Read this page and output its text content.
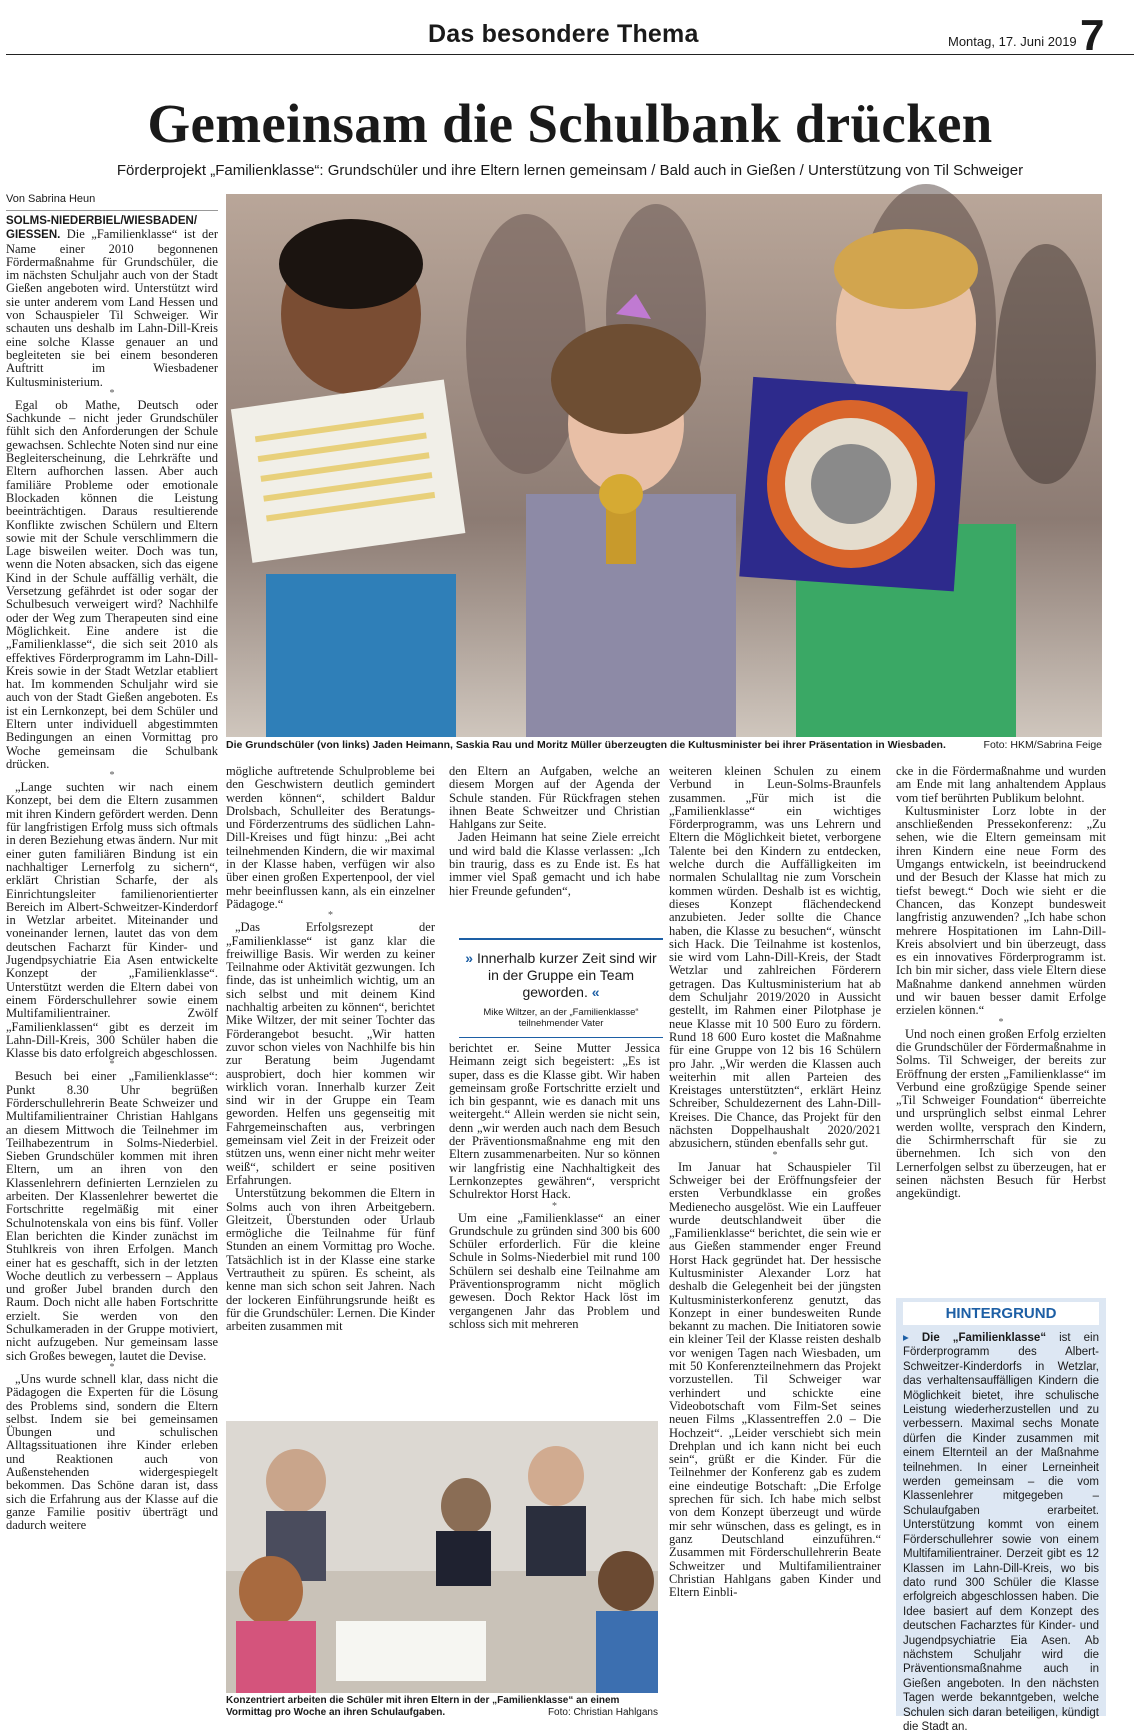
Das besondere Thema	Montag, 17. Juni 2019 7
Gemeinsam die Schulbank drücken
Förderprojekt „Familienklasse“: Grundschüler und ihre Eltern lernen gemeinsam / Bald auch in Gießen / Unterstützung von Til Schweiger
Von Sabrina Heun

SOLMS-NIEDERBIEL/WIESBADEN/ GIESSEN. Die „Familienklasse“ ist der Name einer 2010 begonnenen Fördermaßnahme für Grundschüler, die im nächsten Schuljahr auch von der Stadt Gießen angeboten wird. Unterstützt wird sie unter anderem vom Land Hessen und von Schauspieler Til Schweiger. Wir schauten uns deshalb im Lahn-Dill-Kreis eine solche Klasse genauer an und begleiteten sie bei einem besonderen Auftritt im Wiesbadener Kultusministerium.

*

Egal ob Mathe, Deutsch oder Sachkunde – nicht jeder Grundschüler fühlt sich den Anforderungen der Schule gewachsen. Schlechte Noten sind nur eine Begleiterscheinung, die Lehrkräfte und Eltern aufhorchen lassen. Aber auch familiäre Probleme oder emotionale Blockaden können die Leistung beeinträchtigen. Daraus resultierende Konflikte zwischen Schülern und Eltern sowie mit der Schule verschlimmern die Lage bisweilen weiter. Doch was tun, wenn die Noten absacken, sich das eigene Kind in der Schule auffällig verhält, die Versetzung gefährdet ist oder sogar der Schulbesuch verweigert wird? Nachhilfe oder der Weg zum Therapeuten sind eine Möglichkeit. Eine andere ist die „Familienklasse“, die sich seit 2010 als effektives Förderprogramm im Lahn-Dill-Kreis sowie in der Stadt Wetzlar etabliert hat. Im kommenden Schuljahr wird sie auch von der Stadt Gießen angeboten. Es ist ein Lernkonzept, bei dem Schüler und Eltern unter individuell abgestimmten Bedingungen an einen Vormittag pro Woche gemeinsam die Schulbank drücken.

*

„Lange suchten wir nach einem Konzept, bei dem die Eltern zusammen mit ihren Kindern gefördert werden. Denn für langfristigen Erfolg muss sich oftmals in deren Beziehung etwas ändern. Nur mit einer guten familiären Bindung ist ein nachhaltiger Lernerfolg zu sichern“, erklärt Christian Scharfe, der als Einrichtungsleiter familienorientierter Bereich im Albert-Schweitzer-Kinderdorf in Wetzlar arbeitet. Miteinander und voneinander lernen, lautet das von dem deutschen Facharzt für Kinder- und Jugendpsychiatrie Eia Asen entwickelte Konzept der „Familienklasse“. Unterstützt werden die Eltern dabei von einem Förderschullehrer sowie einem Multifamilientrainer. Zwölf „Familienklassen“ gibt es derzeit im Lahn-Dill-Kreis, 300 Schüler haben die Klasse bis dato erfolgreich abgeschlossen.

*

Besuch bei einer „Familienklasse“: Punkt 8.30 Uhr begrüßen Förderschullehrerin Beate Schweizer und Multifamilientrainer Christian Hahlgans an diesem Mittwoch die Teilnehmer im Teilhabezentrum in Solms-Niederbiel. Sieben Grundschüler kommen mit ihren Eltern, um an ihren von den Klassenlehrern definierten Lernzielen zu arbeiten. Der Klassenlehrer bewertet die Fortschritte regelmäßig mit einer Schulnotenskala von eins bis fünf. Voller Elan berichten die Kinder zunächst im Stuhlkreis von ihren Erfolgen. Manch einer hat es geschafft, sich in der letzten Woche deutlich zu verbessern – Applaus und großer Jubel branden durch den Raum. Doch nicht alle haben Fortschritte erzielt. Sie werden von den Schulkameraden in der Gruppe motiviert, nicht aufzugeben. Nur gemeinsam lasse sich Großes bewegen, lautet die Devise.

*

„Uns wurde schnell klar, dass nicht die Pädagogen die Experten für die Lösung des Problems sind, sondern die Eltern selbst. Indem sie bei gemeinsamen Übungen und schulischen Alltagssituationen ihre Kinder erleben und Reaktionen auch von Außenstehenden widergespiegelt bekommen. Das Schöne daran ist, dass sich die Erfahrung aus der Klasse auf die ganze Familie positiv überträgt und dadurch weitere

Die Grundschüler (von links) Jaden Heimann, Saskia Rau und Moritz Müller überzeugten die Kultusminister bei ihrer Präsentation in Wiesbaden.	Foto: HKM/Sabrina Feige

mögliche auftretende Schulprobleme bei den Geschwistern deutlich gemindert werden können“, schildert Baldur Drolsbach, Schulleiter des Beratungs- und Förderzentrums des südlichen Lahn-Dill-Kreises und fügt hinzu: „Bei acht teilnehmenden Kindern, die wir maximal in der Klasse haben, verfügen wir also über einen großen Expertenpool, der viel mehr beeinflussen kann, als ein einzelner Pädagoge.“

*

„Das Erfolgsrezept der „Familienklasse“ ist ganz klar die freiwillige Basis. Wir werden zu keiner Teilnahme oder Aktivität gezwungen. Ich finde, das ist unheimlich wichtig, um an sich selbst und mit deinem Kind nachhaltig arbeiten zu können“, berichtet Mike Wiltzer, der mit seiner Tochter das Förderangebot besucht. „Wir hatten zuvor schon vieles von Nachhilfe bis hin zur Beratung beim Jugendamt ausprobiert, doch hier kommen wir wirklich voran. Innerhalb kurzer Zeit sind wir in der Gruppe ein Team geworden. Helfen uns gegenseitig mit Fahrgemeinschaften aus, verbringen gemeinsam viel Zeit in der Freizeit oder stützen uns, wenn einer nicht mehr weiter weiß“, schildert er seine positiven Erfahrungen.

Unterstützung bekommen die Eltern in Solms auch von ihren Arbeitgebern. Gleitzeit, Überstunden oder Urlaub ermögliche die Teilnahme für fünf Stunden an einem Vormittag pro Woche. Tatsächlich ist in der Klasse eine starke Vertrautheit zu spüren. Es scheint, als kenne man sich schon seit Jahren. Nach der lockeren Einführungsrunde heißt es für die Grundschüler: Lernen. Die Kinder arbeiten zusammen mit

den Eltern an Aufgaben, welche an diesem Morgen auf der Agenda der Schule standen. Für Rückfragen stehen ihnen Beate Schweitzer und Christian Hahlgans zur Seite.

Jaden Heimann hat seine Ziele erreicht und wird bald die Klasse verlassen: „Ich bin traurig, dass es zu Ende ist. Es hat immer viel Spaß gemacht und ich habe hier Freunde gefunden“,

» Innerhalb kurzer Zeit sind wir in der Gruppe ein Team geworden. «
Mike Wiltzer, an der „Familienklasse“
teilnehmender Vater

berichtet er. Seine Mutter Jessica Heimann zeigt sich begeistert: „Es ist super, dass es die Klasse gibt. Wir haben gemeinsam große Fortschritte erzielt und ich bin gespannt, wie es danach mit uns weitergeht.“ Allein werden sie nicht sein, denn „wir werden auch nach dem Besuch der Präventionsmaßnahme eng mit den Eltern zusammenarbeiten. Nur so können wir langfristig eine Nachhaltigkeit des Lernkonzeptes gewähren“, verspricht Schulrektor Horst Hack.

*

Um eine „Familienklasse“ an einer Grundschule zu gründen sind 300 bis 600 Schüler erforderlich. Für die kleine Schule in Solms-Niederbiel mit rund 100 Schülern sei deshalb eine Teilnahme am Präventionsprogramm nicht möglich gewesen. Doch Rektor Hack löst im vergangenen Jahr das Problem und schloss sich mit mehreren

Konzentriert arbeiten die Schüler mit ihren Eltern in der „Familienklasse“ an einem Vormittag pro Woche an ihren Schulaufgaben.	Foto: Christian Hahlgans

weiteren kleinen Schulen zu einem Verbund in Leun-Solms-Braunfels zusammen. „Für mich ist die „Familienklasse“ ein wichtiges Förderprogramm, was uns Lehrern und Eltern die Möglichkeit bietet, verborgene Talente bei den Kindern zu entdecken, welche durch die Auffälligkeiten im normalen Schulalltag nie zum Vorschein kommen würden. Deshalb ist es wichtig, dieses Konzept flächendeckend anzubieten. Jeder sollte die Chance haben, die Klasse zu besuchen“, wünscht sich Hack. Die Teilnahme ist kostenlos, sie wird vom Lahn-Dill-Kreis, der Stadt Wetzlar und zahlreichen Förderern getragen. Das Kultusministerium hat ab dem Schuljahr 2019/2020 in Aussicht gestellt, im Rahmen einer Pilotphase je neue Klasse mit 10 500 Euro zu fördern. Rund 18 600 Euro kostet die Maßnahme für eine Gruppe von 12 bis 16 Schülern pro Jahr. „Wir werden die Klassen auch weiterhin mit allen Parteien des Kreistages unterstützten“, erklärt Heinz Schreiber, Schuldezernent des Lahn-Dill-Kreises. Die Chance, das Projekt für den nächsten Doppelhaushalt 2020/2021 abzusichern, stünden ebenfalls sehr gut.

*

Im Januar hat Schauspieler Til Schweiger bei der Eröffnungsfeier der ersten Verbundklasse ein großes Medienecho ausgelöst. Wie ein Lauffeuer wurde deutschlandweit über die „Familienklasse“ berichtet, die sein wie er aus Gießen stammender enger Freund Horst Hack gegründet hat. Der hessische Kultusminister Alexander Lorz hat deshalb die Gelegenheit bei der jüngsten Kultusministerkonferenz genutzt, das Konzept in einer bundesweiten Runde bekannt zu machen. Die Initiatoren sowie ein kleiner Teil der Klasse reisten deshalb vor wenigen Tagen nach Wiesbaden, um mit 50 Konferenzteilnehmern das Projekt vorzustellen. Til Schweiger war verhindert und schickte eine Videobotschaft vom Film-Set seines neuen Films „Klassentreffen 2.0 – Die Hochzeit“. „Leider verschiebt sich mein Drehplan und ich kann nicht bei euch sein“, grüßt er die Kinder. Für die Teilnehmer der Konferenz gab es zudem eine eindeutige Botschaft: „Die Erfolge sprechen für sich. Ich habe mich selbst von dem Konzept überzeugt und würde mir sehr wünschen, dass es gelingt, es in ganz Deutschland einzuführen.“ Zusammen mit Förderschullehrerin Beate Schweitzer und Multifamilientrainer Christian Hahlgans gaben Kinder und Eltern Einbli-

cke in die Fördermaßnahme und wurden am Ende mit lang anhaltendem Applaus vom tief berührten Publikum belohnt.

Kultusminister Lorz lobte in der anschließenden Pressekonferenz: „Zu sehen, wie die Eltern gemeinsam mit ihren Kindern eine neue Form des Umgangs entwickeln, ist beeindruckend und der Besuch der Klasse hat mich zu tiefst bewegt.“ Doch wie sieht er die Chancen, das Konzept bundesweit langfristig anzuwenden? „Ich habe schon mehrere Hospitationen im Lahn-Dill-Kreis absolviert und bin überzeugt, dass es ein innovatives Förderprogramm ist. Ich bin mir sicher, dass viele Eltern diese Maßnahme dankend annehmen würden und wir bauen besser damit Erfolge erzielen können.“

*

Und noch einen großen Erfolg erzielten die Grundschüler der Fördermaßnahme in Solms. Til Schweiger, der bereits zur Eröffnung der ersten „Familienklasse“ im Verbund eine großzügige Spende seiner „Til Schweiger Foundation“ überreichte und ursprünglich selbst einmal Lehrer werden wollte, versprach den Kindern, die Schirmherrschaft für sie zu übernehmen. Ich sich von den Lernerfolgen selbst zu überzeugen, hat er seinen nächsten Besuch für Herbst angekündigt.

HINTERGRUND
▸ Die „Familienklasse“ ist ein Förderprogramm des Albert-Schweitzer-Kinderdorfs in Wetzlar, das verhaltensauffälligen Kindern die Möglichkeit bietet, ihre schulische Leistung wiederherzustellen und zu verbessern. Maximal sechs Monate dürfen die Kinder zusammen mit einem Elternteil an der Maßnahme teilnehmen. In einer Lerneinheit werden gemeinsam – die vom Klassenlehrer mitgegeben – Schulaufgaben erarbeitet. Unterstützung kommt von einem Förderschullehrer sowie von einem Multifamilientrainer. Derzeit gibt es 12 Klassen im Lahn-Dill-Kreis, wo bis dato rund 300 Schüler die Klasse erfolgreich abgeschlossen haben. Die Idee basiert auf dem Konzept des deutschen Facharztes für Kinder- und Jugendpsychiatrie Eia Asen. Ab nächstem Schuljahr wird die Präventionsmaßnahme auch in Gießen angeboten. In den nächsten Tagen werde bekanntgeben, welche Schulen sich daran beteiligen, kündigt die Stadt an.
